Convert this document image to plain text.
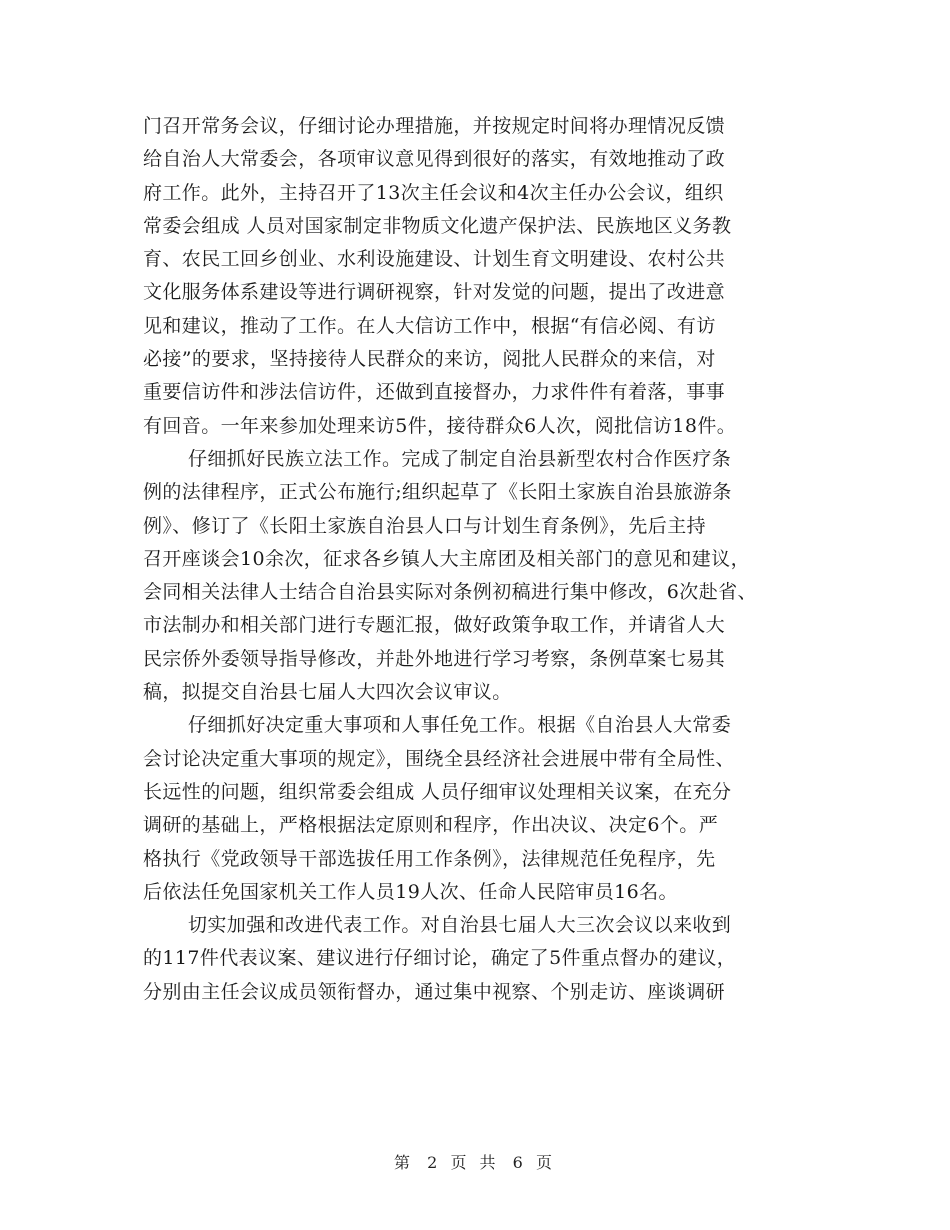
门召开常务会议，仔细讨论办理措施，并按规定时间将办理情况反馈
给自治人大常委会，各项审议意见得到很好的落实，有效地推动了政
府工作。此外，主持召开了13次主任会议和4次主任办公会议，组织
常委会组成 人员对国家制定非物质文化遗产保护法、民族地区义务教
育、农民工回乡创业、水利设施建设、计划生育文明建设、农村公共
文化服务体系建设等进行调研视察，针对发觉的问题，提出了改进意
见和建议，推动了工作。在人大信访工作中，根据“有信必阅、有访
必接”的要求，坚持接待人民群众的来访，阅批人民群众的来信，对
重要信访件和涉法信访件，还做到直接督办，力求件件有着落，事事
有回音。一年来参加处理来访5件，接待群众6人次，阅批信访18件。
仔细抓好民族立法工作。完成了制定自治县新型农村合作医疗条
例的法律程序，正式公布施行;组织起草了《长阳土家族自治县旅游条
例》、修订了《长阳土家族自治县人口与计划生育条例》，先后主持
召开座谈会10余次，征求各乡镇人大主席团及相关部门的意见和建议，
会同相关法律人士结合自治县实际对条例初稿进行集中修改，6次赴省、
市法制办和相关部门进行专题汇报，做好政策争取工作，并请省人大
民宗侨外委领导指导修改，并赴外地进行学习考察，条例草案七易其
稿，拟提交自治县七届人大四次会议审议。
仔细抓好决定重大事项和人事任免工作。根据《自治县人大常委
会讨论决定重大事项的规定》，围绕全县经济社会进展中带有全局性、
长远性的问题，组织常委会组成 人员仔细审议处理相关议案，在充分
调研的基础上，严格根据法定原则和程序，作出决议、决定6个。严
格执行《党政领导干部选拔任用工作条例》，法律规范任免程序，先
后依法任免国家机关工作人员19人次、任命人民陪审员16名。
切实加强和改进代表工作。对自治县七届人大三次会议以来收到
的117件代表议案、建议进行仔细讨论，确定了5件重点督办的建议，
分别由主任会议成员领衔督办，通过集中视察、个别走访、座谈调研
第 2 页 共 6 页
